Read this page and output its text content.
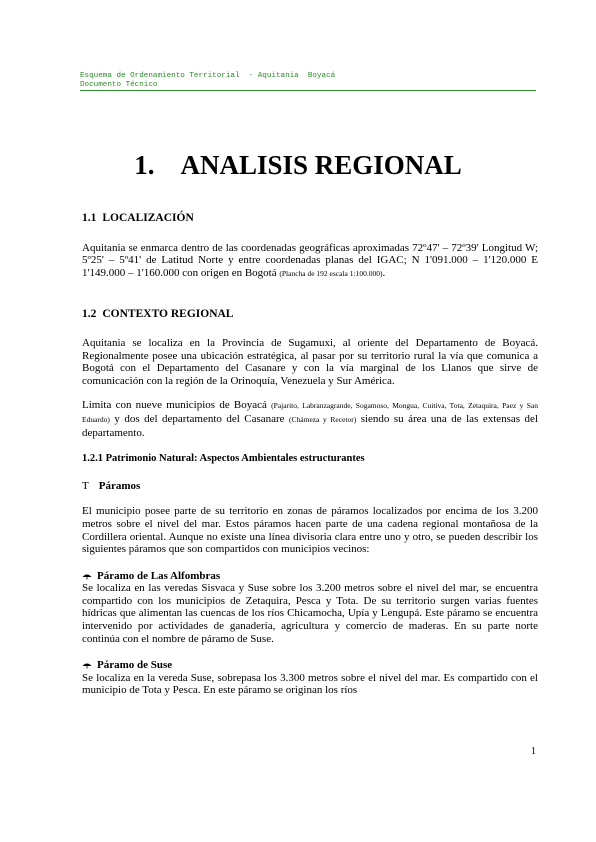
Esquema de Ordenamiento Territorial  - Aquitania  Boyacá
Documento Técnico
1. ANALISIS REGIONAL
1.1 LOCALIZACIÓN

Aquitania se enmarca dentro de las coordenadas geográficas aproximadas 72º47' – 72º39' Longitud W; 5º25' – 5º41' de Latitud Norte y entre coordenadas planas del IGAC; N 1'091.000 – 1'120.000 E 1'149.000 – 1'160.000 con origen en Bogotá (Plancha de 192 escala 1:100.000).

1.2 CONTEXTO REGIONAL

Aquitania se localiza en la Provincia de Sugamuxi, al oriente del Departamento de Boyacá. Regionalmente posee una ubicación estratégica, al pasar por su territorio rural la vía que comunica a Bogotá con el Departamento del Casanare y con la vía marginal de los Llanos que sirve de comunicación con la región de la Orinoquía, Venezuela y Sur América.

Limita con nueve municipios de Boyacá (Pajarito, Labranzagrande, Sogamoso, Mongua, Cuitiva, Tota, Zetaquira, Paez y San Eduardo) y dos del departamento del Casanare (Chámeza y Recetor) siendo su área una de las extensas del departamento.

1.2.1 Patrimonio Natural: Aspectos Ambientales estructurantes
T Páramos

El municipio posee parte de su territorio en zonas de páramos localizados por encima de los 3.200 metros sobre el nivel del mar. Estos páramos hacen parte de una cadena regional montañosa de la Cordillera oriental. Aunque no existe una línea divisoria clara entre uno y otro, se pueden describir los siguientes páramos que son compartidos con municipios vecinos:

Páramo de Las Alfombras

Se localiza en las veredas Sisvaca y Suse sobre los 3.200 metros sobre el nivel del mar, se encuentra compartido con los municipios de Zetaquira, Pesca y Tota. De su territorio surgen varias fuentes hídricas que alimentan las cuencas de los ríos Chicamocha, Upía y Lengupá. Este páramo se encuentra intervenido por actividades de ganadería, agricultura y comercio de maderas. En su parte norte continúa con el nombre de páramo de Suse.

Páramo de Suse

Se localiza en la vereda Suse, sobrepasa los 3.300 metros sobre el nivel del mar. Es compartido con el municipio de Tota y Pesca. En este páramo se originan los ríos

1
